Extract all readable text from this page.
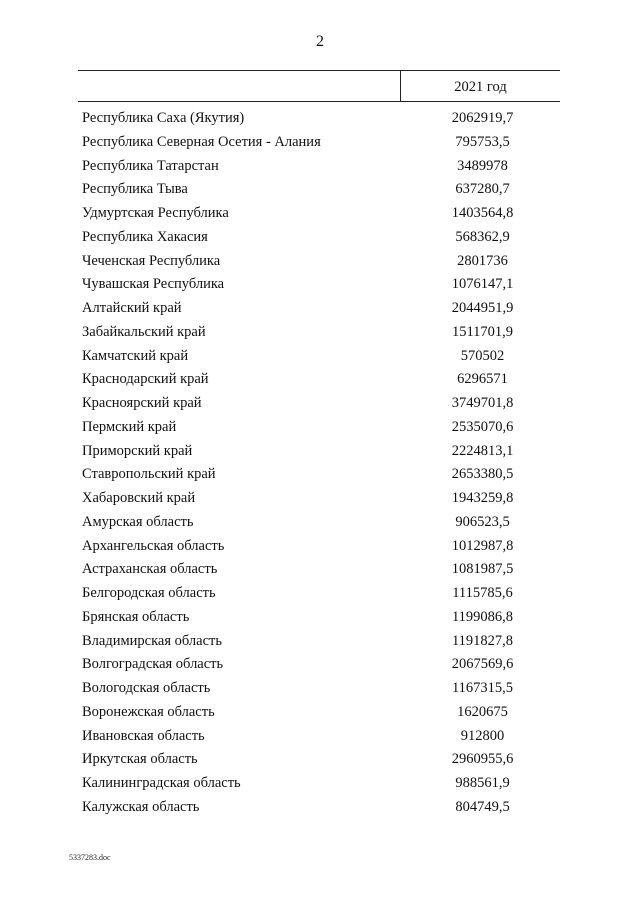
2
2021 год
Республика Саха (Якутия)	2062919,7
Республика Северная Осетия - Алания	795753,5
Республика Татарстан	3489978
Республика Тыва	637280,7
Удмуртская Республика	1403564,8
Республика Хакасия	568362,9
Чеченская Республика	2801736
Чувашская Республика	1076147,1
Алтайский край	2044951,9
Забайкальский край	1511701,9
Камчатский край	570502
Краснодарский край	6296571
Красноярский край	3749701,8
Пермский край	2535070,6
Приморский край	2224813,1
Ставропольский край	2653380,5
Хабаровский край	1943259,8
Амурская область	906523,5
Архангельская область	1012987,8
Астраханская область	1081987,5
Белгородская область	1115785,6
Брянская область	1199086,8
Владимирская область	1191827,8
Волгоградская область	2067569,6
Вологодская область	1167315,5
Воронежская область	1620675
Ивановская область	912800
Иркутская область	2960955,6
Калининградская область	988561,9
Калужская область	804749,5
5337283.doc
